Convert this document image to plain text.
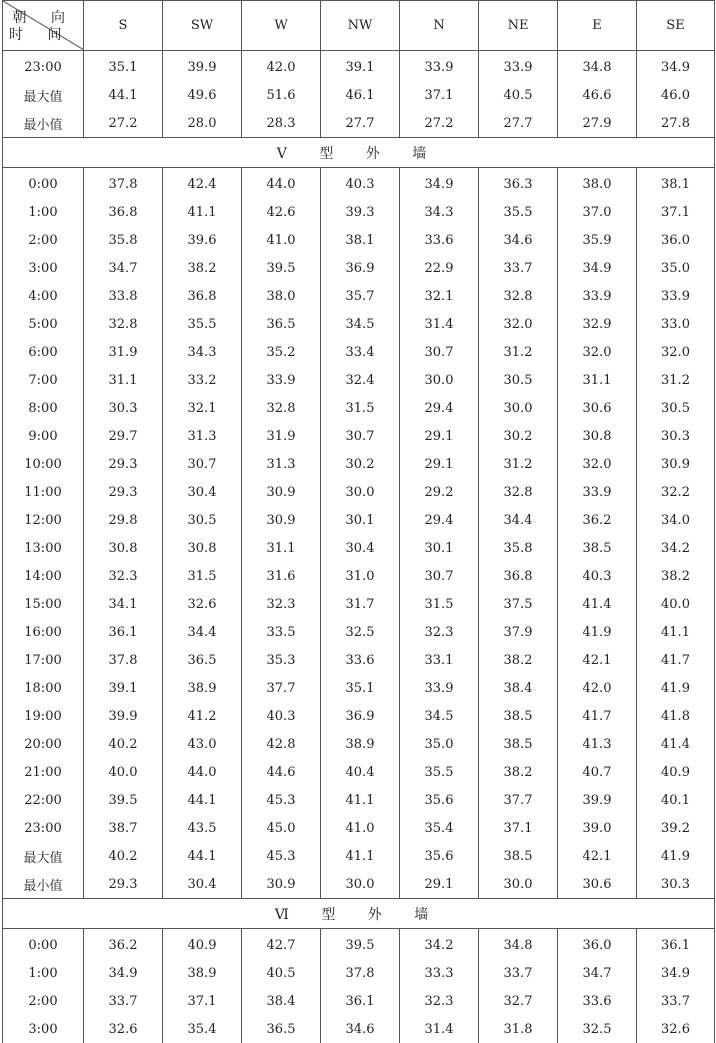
朝 向
时 间	S	SW	W	NW	N	NE	E	SE
23:00	35.1	39.9	42.0	39.1	33.9	33.9	34.8	34.9
最大值	44.1	49.6	51.6	46.1	37.1	40.5	46.6	46.0
最小值	27.2	28.0	28.3	27.7	27.2	27.7	27.9	27.8
Ⅴ 型 外 墙								
0:00	37.8	42.4	44.0	40.3	34.9	36.3	38.0	38.1
1:00	36.8	41.1	42.6	39.3	34.3	35.5	37.0	37.1
2:00	35.8	39.6	41.0	38.1	33.6	34.6	35.9	36.0
3:00	34.7	38.2	39.5	36.9	22.9	33.7	34.9	35.0
4:00	33.8	36.8	38.0	35.7	32.1	32.8	33.9	33.9
5:00	32.8	35.5	36.5	34.5	31.4	32.0	32.9	33.0
6:00	31.9	34.3	35.2	33.4	30.7	31.2	32.0	32.0
7:00	31.1	33.2	33.9	32.4	30.0	30.5	31.1	31.2
8:00	30.3	32.1	32.8	31.5	29.4	30.0	30.6	30.5
9:00	29.7	31.3	31.9	30.7	29.1	30.2	30.8	30.3
10:00	29.3	30.7	31.3	30.2	29.1	31.2	32.0	30.9
11:00	29.3	30.4	30.9	30.0	29.2	32.8	33.9	32.2
12:00	29.8	30.5	30.9	30.1	29.4	34.4	36.2	34.0
13:00	30.8	30.8	31.1	30.4	30.1	35.8	38.5	34.2
14:00	32.3	31.5	31.6	31.0	30.7	36.8	40.3	38.2
15:00	34.1	32.6	32.3	31.7	31.5	37.5	41.4	40.0
16:00	36.1	34.4	33.5	32.5	32.3	37.9	41.9	41.1
17:00	37.8	36.5	35.3	33.6	33.1	38.2	42.1	41.7
18:00	39.1	38.9	37.7	35.1	33.9	38.4	42.0	41.9
19:00	39.9	41.2	40.3	36.9	34.5	38.5	41.7	41.8
20:00	40.2	43.0	42.8	38.9	35.0	38.5	41.3	41.4
21:00	40.0	44.0	44.6	40.4	35.5	38.2	40.7	40.9
22:00	39.5	44.1	45.3	41.1	35.6	37.7	39.9	40.1
23:00	38.7	43.5	45.0	41.0	35.4	37.1	39.0	39.2
最大值	40.2	44.1	45.3	41.1	35.6	38.5	42.1	41.9
最小值	29.3	30.4	30.9	30.0	29.1	30.0	30.6	30.3
Ⅵ 型 外 墙								
0:00	36.2	40.9	42.7	39.5	34.2	34.8	36.0	36.1
1:00	34.9	38.9	40.5	37.8	33.3	33.7	34.7	34.9
2:00	33.7	37.1	38.4	36.1	32.3	32.7	33.6	33.7
3:00	32.6	35.4	36.5	34.6	31.4	31.8	32.5	32.6
